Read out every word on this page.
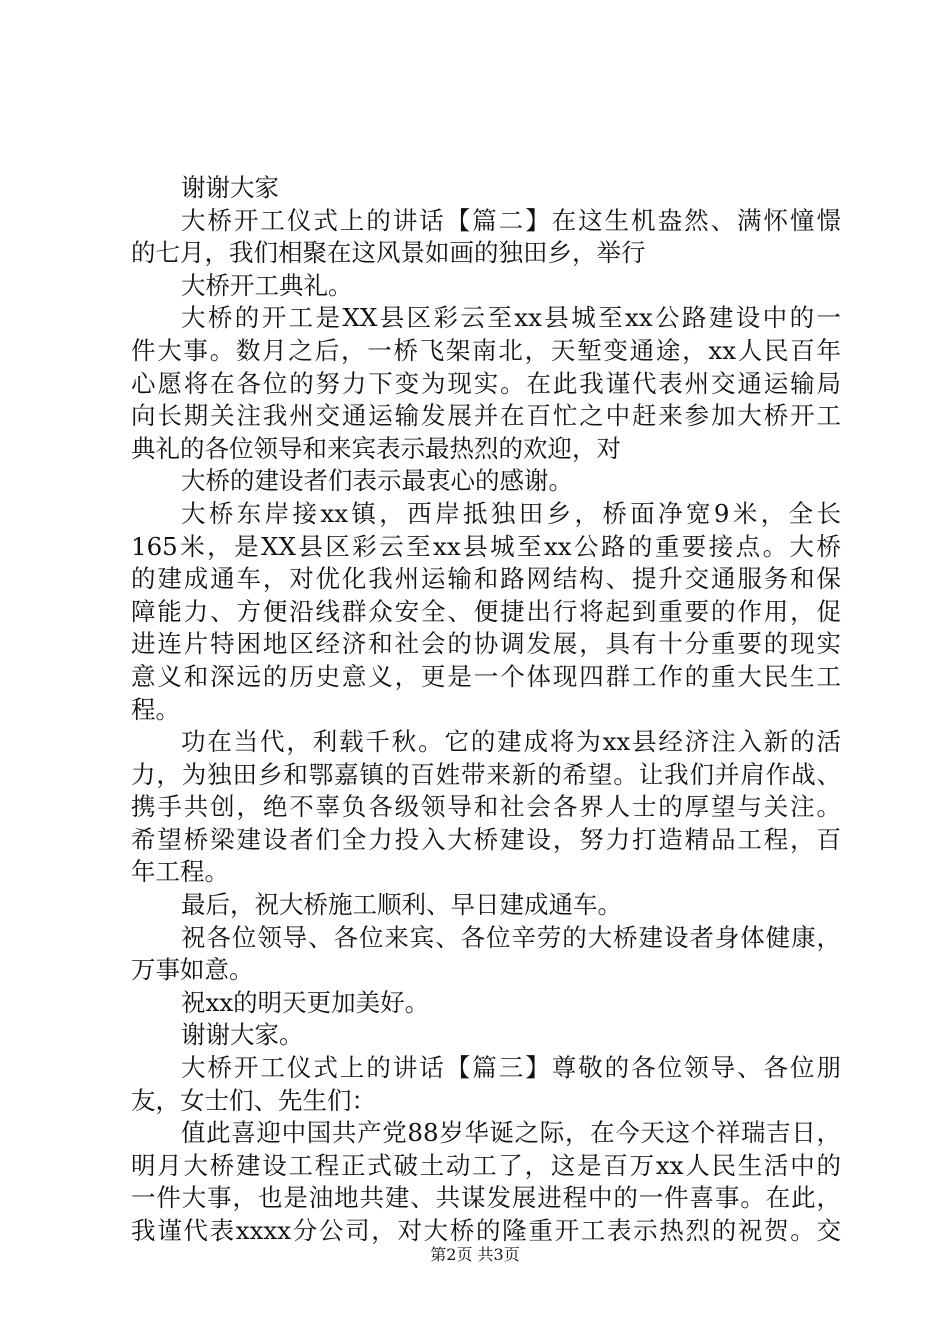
谢谢大家
大桥开工仪式上的讲话【篇二】在这生机盎然、满怀憧憬
的七月，我们相聚在这风景如画的独田乡，举行
大桥开工典礼。
大桥的开工是XX县区彩云至xx县城至xx公路建设中的一
件大事。数月之后，一桥飞架南北，天堑变通途，xx人民百年
心愿将在各位的努力下变为现实。在此我谨代表州交通运输局
向长期关注我州交通运输发展并在百忙之中赶来参加大桥开工
典礼的各位领导和来宾表示最热烈的欢迎，对
大桥的建设者们表示最衷心的感谢。
大桥东岸接xx镇，西岸抵独田乡，桥面净宽9米，全长
165米，是XX县区彩云至xx县城至xx公路的重要接点。大桥
的建成通车，对优化我州运输和路网结构、提升交通服务和保
障能力、方便沿线群众安全、便捷出行将起到重要的作用，促
进连片特困地区经济和社会的协调发展，具有十分重要的现实
意义和深远的历史意义，更是一个体现四群工作的重大民生工
程。
功在当代，利载千秋。它的建成将为xx县经济注入新的活
力，为独田乡和鄂嘉镇的百姓带来新的希望。让我们并肩作战、
携手共创，绝不辜负各级领导和社会各界人士的厚望与关注。
希望桥梁建设者们全力投入大桥建设，努力打造精品工程，百
年工程。
最后，祝大桥施工顺利、早日建成通车。
祝各位领导、各位来宾、各位辛劳的大桥建设者身体健康，
万事如意。
祝xx的明天更加美好。
谢谢大家。
大桥开工仪式上的讲话【篇三】尊敬的各位领导、各位朋
友，女士们、先生们：
值此喜迎中国共产党88岁华诞之际，在今天这个祥瑞吉日，
明月大桥建设工程正式破土动工了，这是百万xx人民生活中的
一件大事，也是油地共建、共谋发展进程中的一件喜事。在此，
我谨代表xxxx分公司，对大桥的隆重开工表示热烈的祝贺。交
第2页 共3页
